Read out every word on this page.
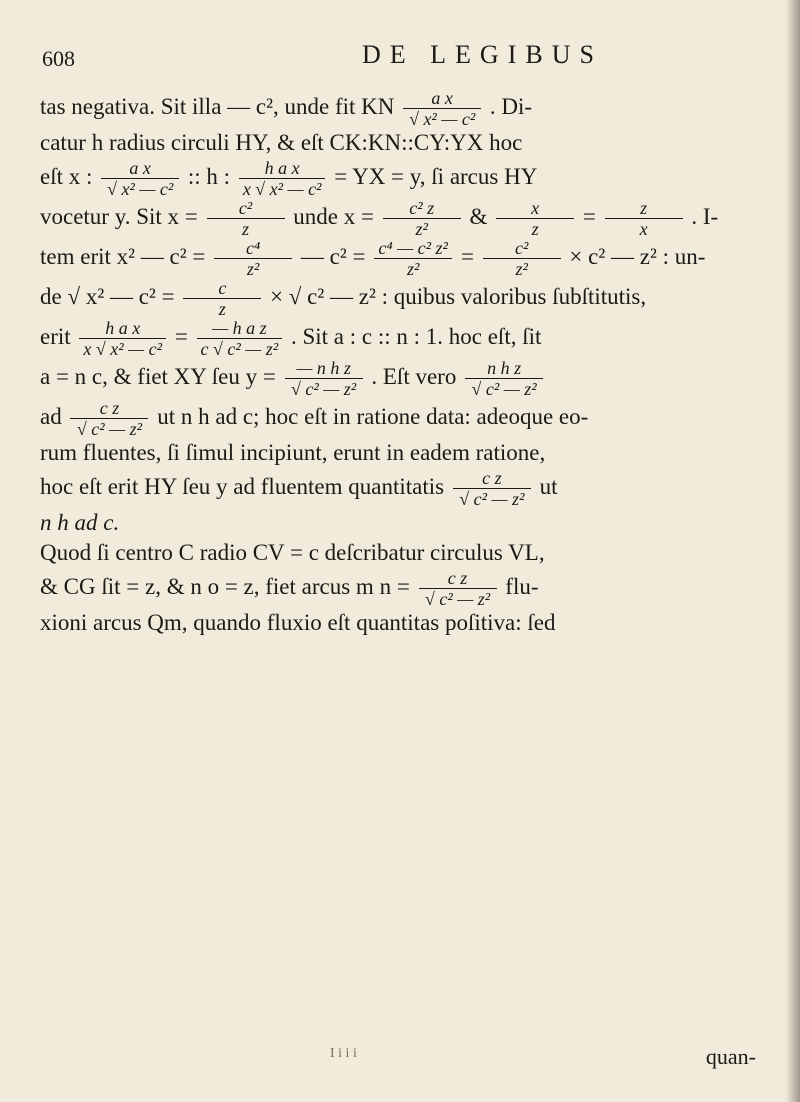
608	DE LEGIBUS
tas negativa. Sit illa — c², unde fit KN $\frac{\text{a x}}{\text{√ x² — c²}}$ . Di-
catur h radius circuli HY, & eſt CK:KN::CY:YX hoc
eſt x : $\frac{\text{a x}}{\text{√ x² — c²}}$ :: h : $\frac{\text{h a x}}{\text{x √ x² — c²}}$ = YX = y, ſi arcus HY
vocetur y. Sit $x = \frac{\text{c²}}{z}$ unde $x = \frac{\text{c² z}}{\text{z²}}$ & $\frac{x}{z} = \frac{z}{x}$ . I-
tem erit x² — $c^2 = \frac{\text{c⁴}}{\text{z²}}$ — $c^2 = \frac{\text{c⁴ — c² z²}}{\text{z²}} = \frac{\text{c²}}{\text{z²}} \times c^2$ — z² : un-
de √ x² — $c^2 = \frac{c}{z}$ × √ c² — z² : quibus valoribus ſubſtitutis,
erit $\frac{\text{h a x}}{\text{x √ x² — c²}} = \frac{\text{— h a z}}{\text{c √ c² — z²}}$ . Sit a : c :: n : 1. hoc eſt, ſit
a = n c, & fiet XY ſeu $y = \frac{\text{— n h z}}{\text{√ c² — z²}}$ . Eſt vero $\frac{\text{n h z}}{\text{√ c² — z²}}$
ad $\frac{\text{c z}}{\text{√ c² — z²}}$ ut n h ad c; hoc eſt in ratione data: adeoque eo-
rum fluentes, ſi ſimul incipiunt, erunt in eadem ratione,
hoc eſt erit HY ſeu y ad fluentem quantitatis $\frac{\text{c z}}{\text{√ c² — z²}}$ ut
n h ad c.
Quod ſi centro C radio CV = c deſcribatur circulus VL,
& CG ſit = z, & n o = z, fiet arcus m $n = \frac{\text{c z}}{\text{√ c² — z²}} flu-$
xioni arcus Qm, quando fluxio eſt quantitas poſitiva: ſed
I i i i	quan-
